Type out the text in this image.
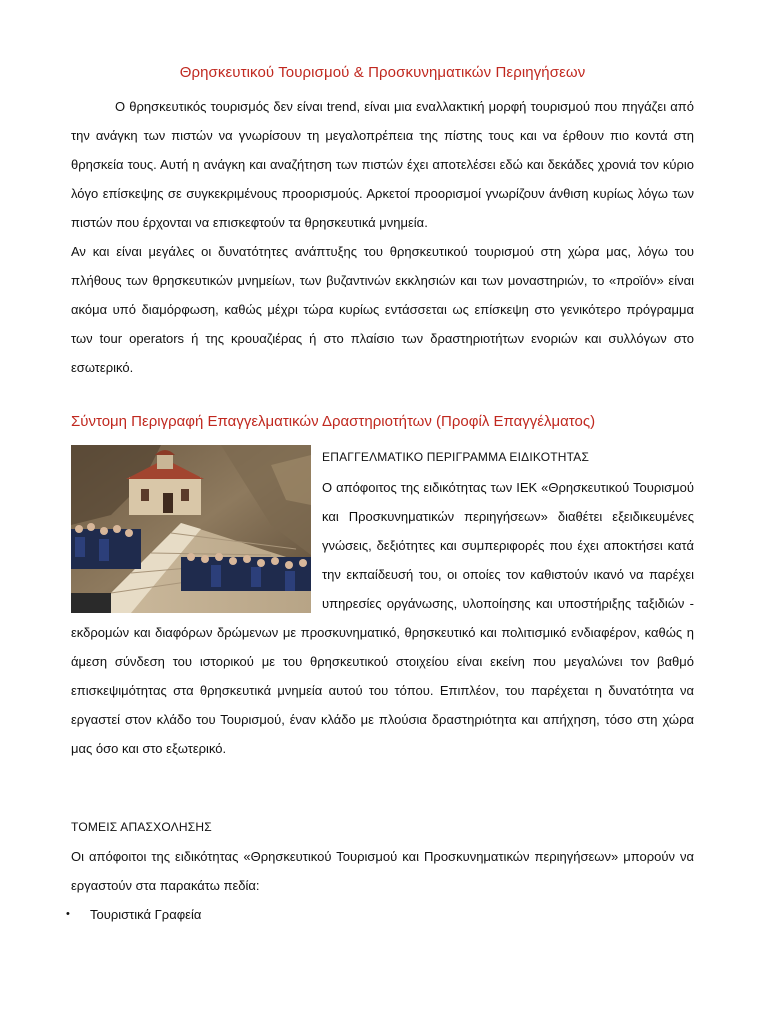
Θρησκευτικού Τουρισμού & Προσκυνηματικών Περιηγήσεων

Ο θρησκευτικός τουρισμός δεν είναι trend, είναι μια εναλλακτική μορφή τουρισμού που πηγάζει από την ανάγκη των πιστών να γνωρίσουν τη μεγαλοπρέπεια της πίστης τους και να έρθουν πιο κοντά στη θρησκεία τους. Αυτή η ανάγκη και αναζήτηση των πιστών έχει αποτελέσει εδώ και δεκάδες χρονιά τον κύριο λόγο επίσκεψης σε συγκεκριμένους προορισμούς. Αρκετοί προορισμοί γνωρίζουν άνθιση κυρίως λόγω των πιστών που έρχονται να επισκεφτούν τα θρησκευτικά μνημεία.
Αν και είναι μεγάλες οι δυνατότητες ανάπτυξης του θρησκευτικού τουρισμού στη χώρα μας, λόγω του πλήθους των θρησκευτικών μνημείων, των βυζαντινών εκκλησιών και των μοναστηριών, το «προϊόν» είναι ακόμα υπό διαμόρφωση, καθώς μέχρι τώρα κυρίως εντάσσεται ως επίσκεψη στο γενικότερο πρόγραμμα των tour operators ή της κρουαζιέρας ή στο πλαίσιο των δραστηριοτήτων ενοριών και συλλόγων στο εσωτερικό.

Σύντομη Περιγραφή Επαγγελματικών Δραστηριοτήτων (Προφίλ Επαγγέλματος)
ΕΠΑΓΓΕΛΜΑΤΙΚΟ ΠΕΡΙΓΡΑΜΜΑ ΕΙΔΙΚΟΤΗΤΑΣ

Ο απόφοιτος της ειδικότητας των ΙΕΚ «Θρησκευτικού Τουρισμού και Προσκυνηματικών περιηγήσεων» διαθέτει εξειδικευμένες γνώσεις, δεξιότητες και συμπεριφορές που έχει αποκτήσει κατά την εκπαίδευσή του, οι οποίες τον καθιστούν ικανό να παρέχει υπηρεσίες οργάνωσης, υλοποίησης και υποστήριξης ταξιδιών - εκδρομών και διαφόρων δρώμενων με προσκυνηματικό, θρησκευτικό και πολιτισμικό ενδιαφέρον, καθώς η άμεση σύνδεση του ιστορικού με του θρησκευτικού στοιχείου είναι εκείνη που μεγαλώνει τον βαθμό επισκεψιμότητας στα θρησκευτικά μνημεία αυτού του τόπου. Επιπλέον, του παρέχεται η δυνατότητα να εργαστεί στον κλάδο του Τουρισμού, έναν κλάδο με πλούσια δραστηριότητα και απήχηση, τόσο στη χώρα μας όσο και στο εξωτερικό.

ΤΟΜΕΙΣ ΑΠΑΣΧΟΛΗΣΗΣ

Οι απόφοιτοι της ειδικότητας «Θρησκευτικού Τουρισμού και Προσκυνηματικών περιηγήσεων» μπορούν να εργαστούν στα παρακάτω πεδία:

•	Τουριστικά Γραφεία
